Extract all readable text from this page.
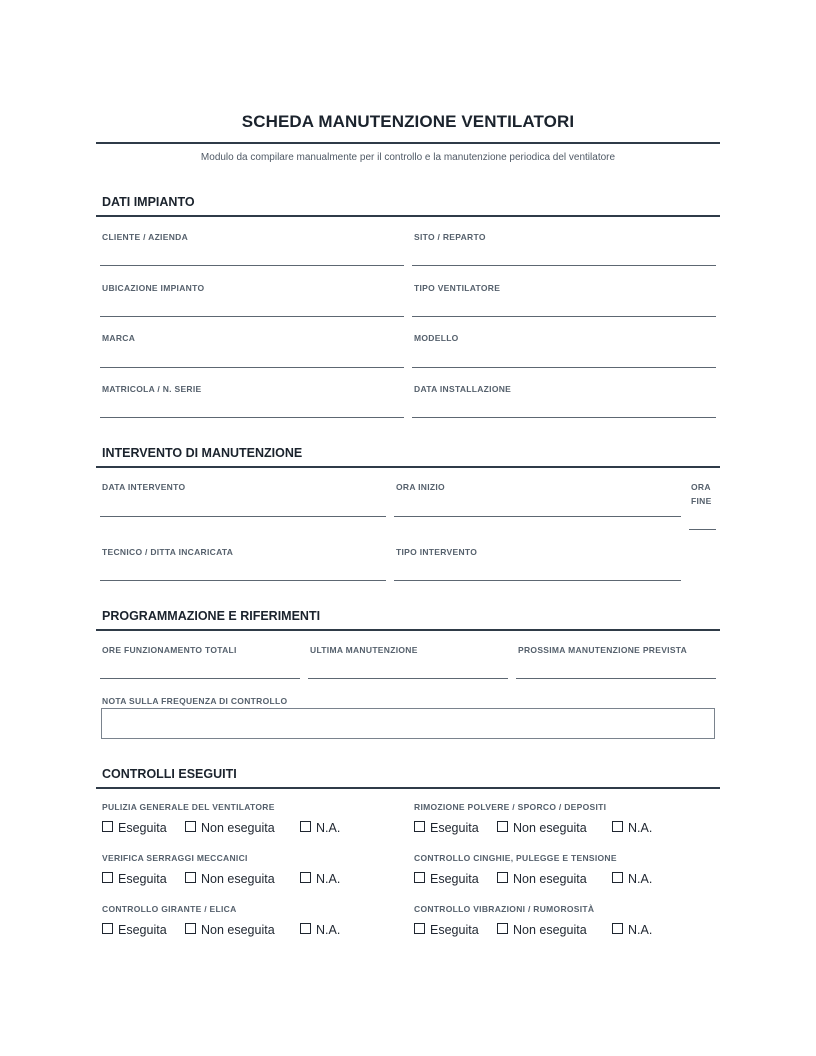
SCHEDA MANUTENZIONE VENTILATORI
Modulo da compilare manualmente per il controllo e la manutenzione periodica del ventilatore
DATI IMPIANTO
CLIENTE / AZIENDA	SITO / REPARTO
UBICAZIONE IMPIANTO	TIPO VENTILATORE
MARCA	MODELLO
MATRICOLA / N. SERIE	DATA INSTALLAZIONE
INTERVENTO DI MANUTENZIONE
DATA INTERVENTO	ORA INIZIO	ORA FINE
TECNICO / DITTA INCARICATA	TIPO INTERVENTO
PROGRAMMAZIONE E RIFERIMENTI
ORE FUNZIONAMENTO TOTALI	ULTIMA MANUTENZIONE	PROSSIMA MANUTENZIONE PREVISTA
NOTA SULLA FREQUENZA DI CONTROLLO
CONTROLLI ESEGUITI
PULIZIA GENERALE DEL VENTILATORE
Eseguita	Non eseguita	N.A.
RIMOZIONE POLVERE / SPORCO / DEPOSITI
Eseguita	Non eseguita	N.A.
VERIFICA SERRAGGI MECCANICI
Eseguita	Non eseguita	N.A.
CONTROLLO CINGHIE, PULEGGE E TENSIONE
Eseguita	Non eseguita	N.A.
CONTROLLO GIRANTE / ELICA
Eseguita	Non eseguita	N.A.
CONTROLLO VIBRAZIONI / RUMOROSITÀ
Eseguita	Non eseguita	N.A.
